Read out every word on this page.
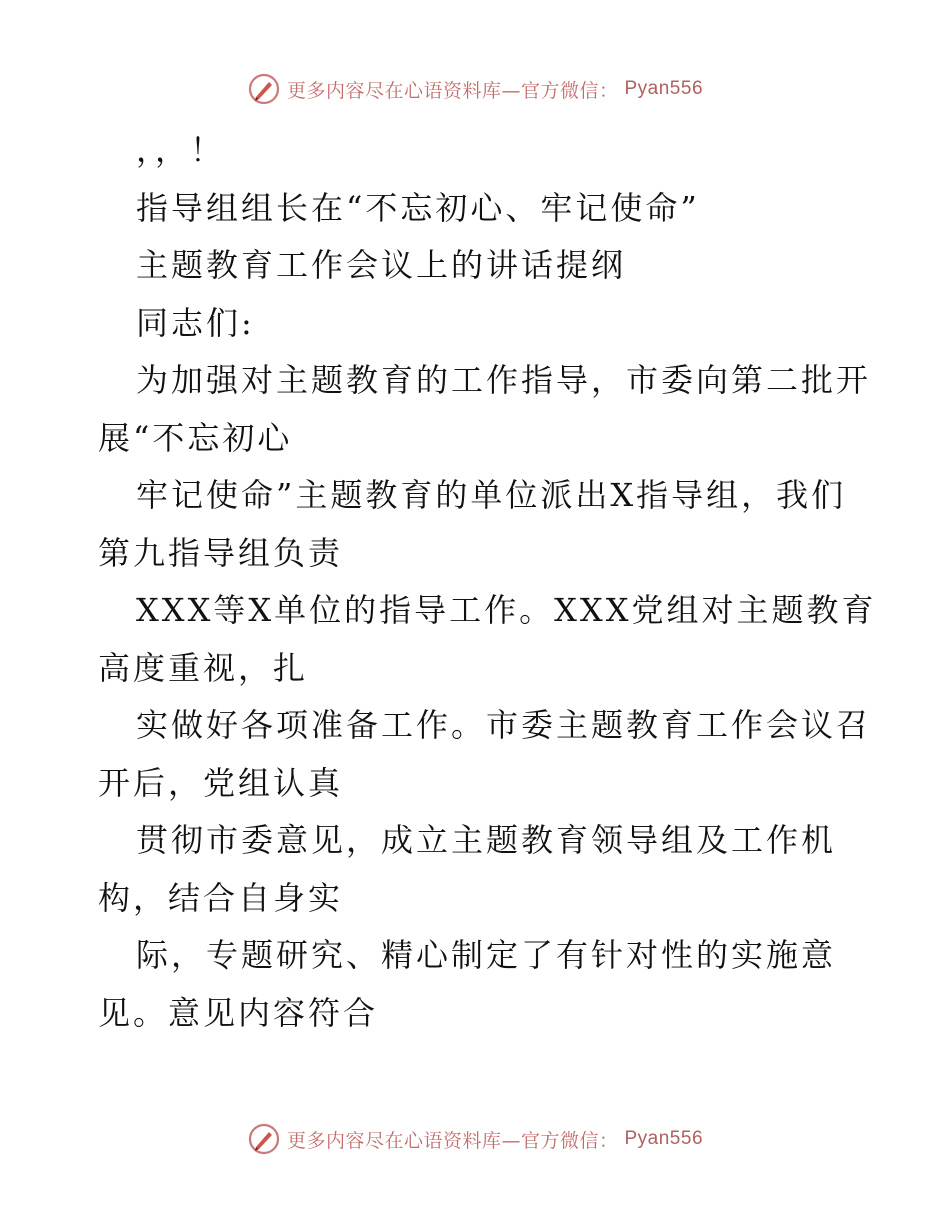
更多内容尽在心语资料库—官方微信： Pyan556
，，！
指导组组长在“不忘初心、牢记使命”
主题教育工作会议上的讲话提纲
同志们:
为加强对主题教育的工作指导，市委向第二批开
展“不忘初心
牢记使命”主题教育的单位派出X指导组，我们
第九指导组负责
XXX等X单位的指导工作。XXX党组对主题教育
高度重视，扎
实做好各项准备工作。市委主题教育工作会议召
开后，党组认真
贯彻市委意见，成立主题教育领导组及工作机
构，结合自身实
际，专题研究、精心制定了有针对性的实施意
见。意见内容符合
更多内容尽在心语资料库—官方微信： Pyan556
